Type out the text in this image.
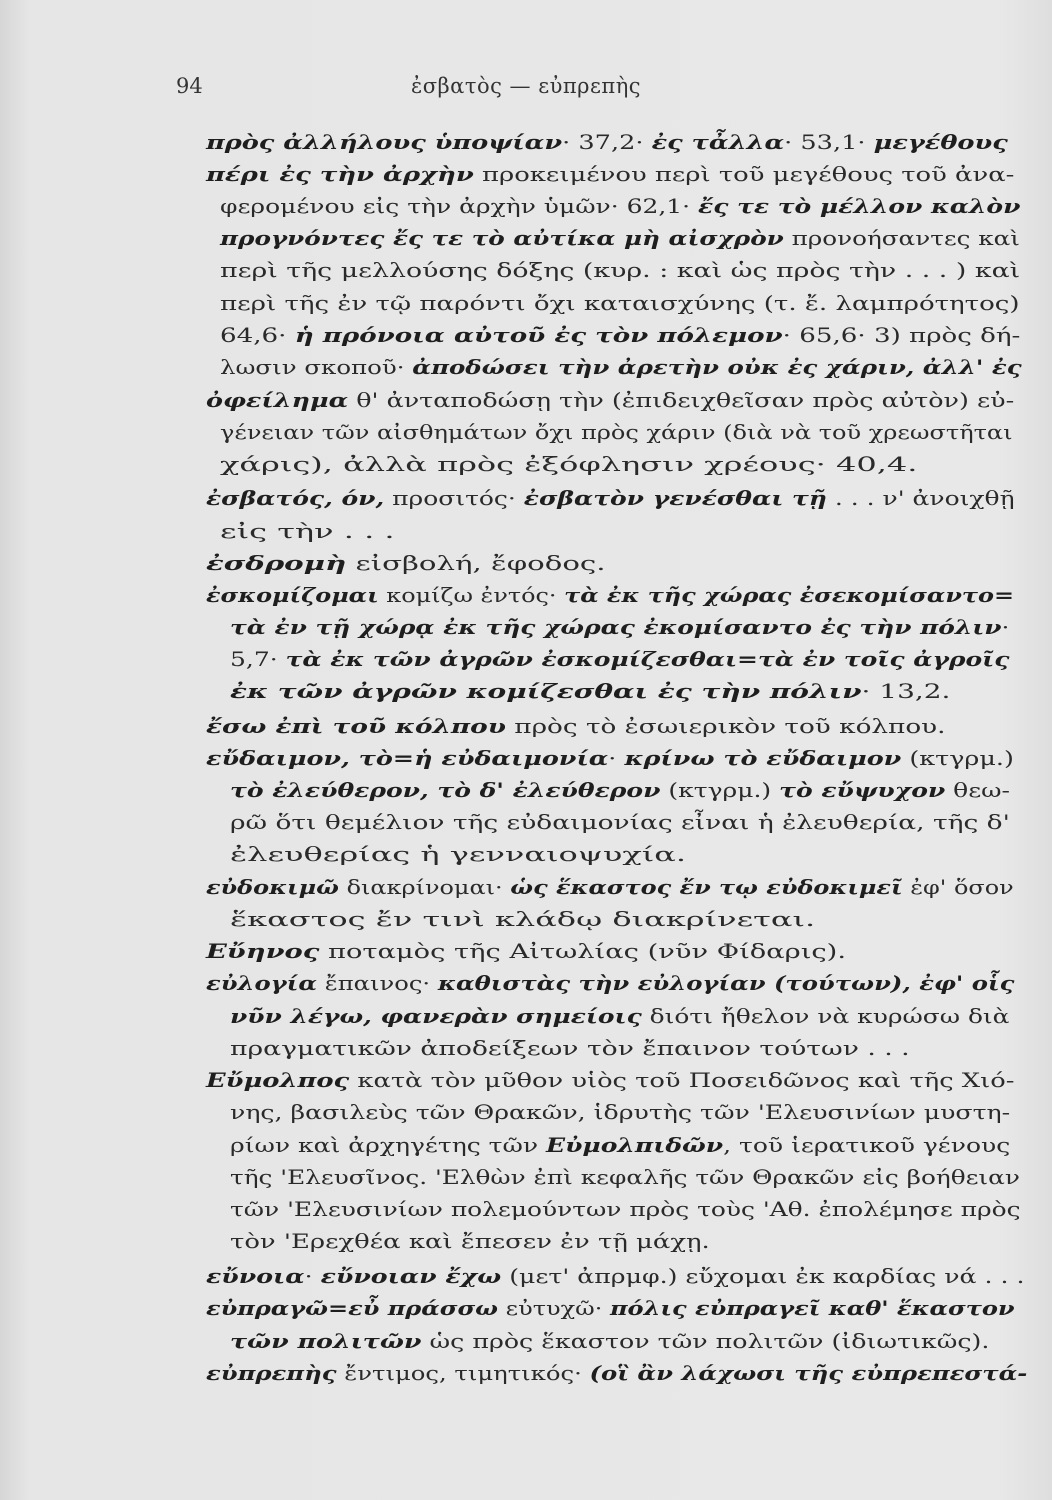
94	ἐσβατὸς — εὐπρεπὴς
πρὸς ἀλλήλους ὑποψίαν· 37,2· ἐς τἆλλα· 53,1· μεγέθους
πέρι ἐς τὴν ἀρχὴν προκειμένου περὶ τοῦ μεγέθους τοῦ ἀνα-
φερομένου εἰς τὴν ἀρχὴν ὑμῶν· 62,1· ἔς τε τὸ μέλλον καλὸν
προγνόντες ἔς τε τὸ αὐτίκα μὴ αἰσχρὸν προνοήσαντες καὶ
περὶ τῆς μελλούσης δόξης (κυρ. : καὶ ὡς πρὸς τὴν . . . ) καὶ
περὶ τῆς ἐν τῷ παρόντι ὄχι καταισχύνης (τ. ἔ. λαμπρότητος)
64,6· ἡ πρόνοια αὐτοῦ ἐς τὸν πόλεμον· 65,6· 3) πρὸς δή-
λωσιν σκοποῦ· ἀποδώσει τὴν ἀρετὴν οὐκ ἐς χάριν, ἀλλ' ἐς
ὀφείλημα θ' ἀνταποδώσῃ τὴν (ἐπιδειχθεῖσαν πρὸς αὐτὸν) εὐ-
γένειαν τῶν αἰσθημάτων ὄχι πρὸς χάριν (διὰ νὰ τοῦ χρεωστῆται
χάρις), ἀλλὰ πρὸς ἐξόφλησιν χρέους· 40,4.
ἐσβατός, όν, προσιτός· ἐσβατὸν γενέσθαι τῇ . . . ν' ἀνοιχθῇ
εἰς τὴν . . .
ἐσδρομὴ εἰσβολή, ἔφοδος.
ἐσκομίζομαι κομίζω ἐντός· τὰ ἐκ τῆς χώρας ἐσεκομίσαντο=
τὰ ἐν τῇ χώρᾳ ἐκ τῆς χώρας ἐκομίσαντο ἐς τὴν πόλιν·
5,7· τὰ ἐκ τῶν ἀγρῶν ἐσκομίζεσθαι=τὰ ἐν τοῖς ἀγροῖς
ἐκ τῶν ἀγρῶν κομίζεσθαι ἐς τὴν πόλιν· 13,2.
ἔσω ἐπὶ τοῦ κόλπου πρὸς τὸ ἐσωιερικὸν τοῦ κόλπου.
εὔδαιμον, τὸ=ἡ εὐδαιμονία· κρίνω τὸ εὔδαιμον (κτγρμ.)
τὸ ἐλεύθερον, τὸ δ' ἐλεύθερον (κτγρμ.) τὸ εὔψυχον θεω-
ρῶ ὅτι θεμέλιον τῆς εὐδαιμονίας εἶναι ἡ ἐλευθερία, τῆς δ'
ἐλευθερίας ἡ γενναιοψυχία.
εὐδοκιμῶ διακρίνομαι· ὡς ἕκαστος ἔν τῳ εὐδοκιμεῖ ἐφ' ὅσον
ἕκαστος ἔν τινὶ κλάδῳ διακρίνεται.
Εὔηνος ποταμὸς τῆς Αἰτωλίας (νῦν Φίδαρις).
εὐλογία ἔπαινος· καθιστὰς τὴν εὐλογίαν (τούτων), ἐφ' οἷς
νῦν λέγω, φανερὰν σημείοις διότι ἤθελον νὰ κυρώσω διὰ
πραγματικῶν ἀποδείξεων τὸν ἔπαινον τούτων . . .
Εὔμολπος κατὰ τὸν μῦθον υἱὸς τοῦ Ποσειδῶνος καὶ τῆς Χιό-
νης, βασιλεὺς τῶν Θρακῶν, ἱδρυτὴς τῶν 'Ελευσινίων μυστη-
ρίων καὶ ἀρχηγέτης τῶν Εὐμολπιδῶν, τοῦ ἱερατικοῦ γένους
τῆς 'Ελευσῖνος. 'Ελθὼν ἐπὶ κεφαλῆς τῶν Θρακῶν εἰς βοήθειαν
τῶν 'Ελευσινίων πολεμούντων πρὸς τοὺς 'Αθ. ἐπολέμησε πρὸς
τὸν 'Ερεχθέα καὶ ἔπεσεν ἐν τῇ μάχῃ.
εὔνοια· εὔνοιαν ἔχω (μετ' ἀπρμφ.) εὔχομαι ἐκ καρδίας νά . . .
εὐπραγῶ=εὖ πράσσω εὐτυχῶ· πόλις εὐπραγεῖ καθ' ἕκαστον
τῶν πολιτῶν ὡς πρὸς ἕκαστον τῶν πολιτῶν (ἰδιωτικῶς).
εὐπρεπὴς ἔντιμος, τιμητικός· (οἳ ἂν λάχωσι τῆς εὐπρεπεστά-
